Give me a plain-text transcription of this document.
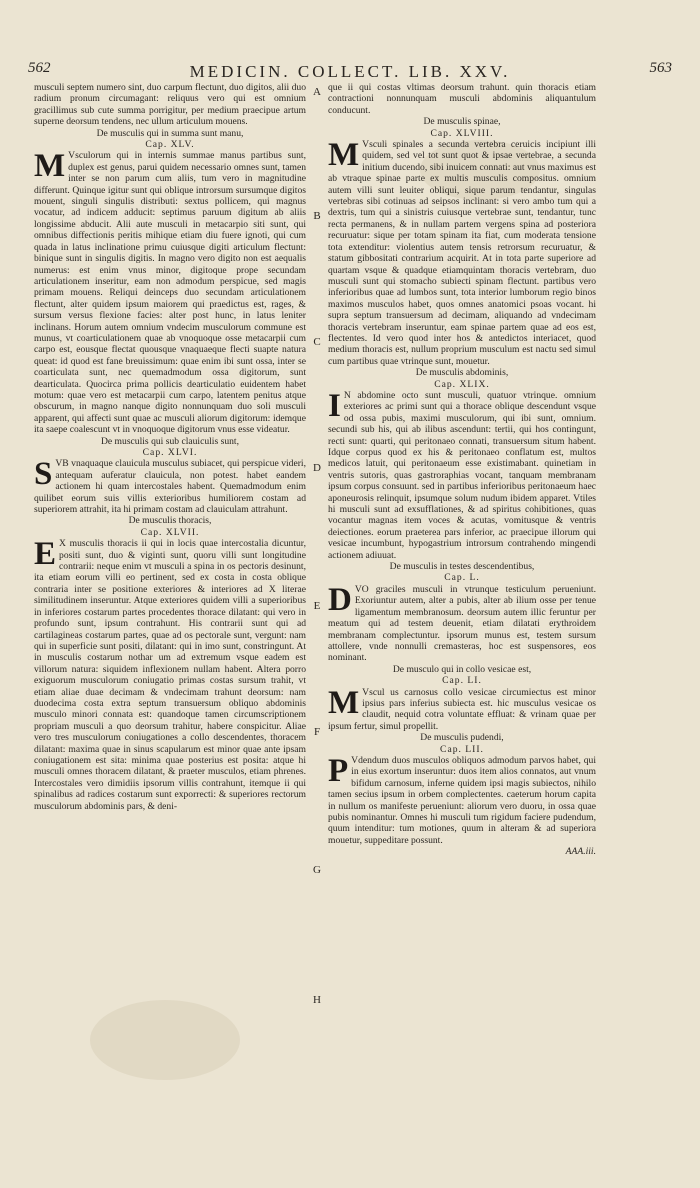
562	MEDICIN. COLLECT. LIB. XXV.	563

musculi septem numero sint, duo carpum flectunt, duo digitos, alii duo radium pronum circumagant: reliquus vero qui est omnium gracillimus sub cute summa porrigitur, per medium praecipue artum superne deorsum tendens, nec ullum articulum mouens.

De musculis qui in summa sunt manu,

Cap. XLV.

M Vsculorum qui in internis summae manus partibus sunt, duplex est genus, parui quidem necessario omnes sunt, tamen inter se non parum cum aliis, tum vero in magnitudine differunt. Quinque igitur sunt qui oblique introrsum sursumque digitos mouent, singuli singulis distributi: sextus pollicem, qui magnus vocatur, ad indicem adducit: septimus paruum digitum ab aliis longissime abducit. Alii aute musculi in metacarpio siti sunt, qui omnibus diffectionis peritis mihique etiam diu fuere ignoti, qui cum quada in latus inclinatione primu cuiusque digiti articulum flectunt: binique sunt in singulis digitis. In magno vero digito non est aequalis numerus: est enim vnus minor, digitoque prope secundam articulationem inseritur, eam non admodum perspicue, sed magis primam mouens. Reliqui deinceps duo secundam articulationem flectunt, alter quidem ipsum maiorem qui praedictus est, rages, & sursum versus flexione facies: alter post hunc, in latus leniter inclinans. Horum autem omnium vndecim musculorum commune est munus, vt coarticulationem quae ab vnoquoque osse metacarpii cum carpo est, eousque flectat quousque vnaquaeque flecti suapte natura queat: id quod est fane breuissimum: quae enim ibi sunt ossa, inter se coarticulata sunt, nec quemadmodum ossa digitorum, sunt dearticulata. Quocirca prima pollicis dearticulatio euidentem habet motum: quae vero est metacarpii cum carpo, latentem penitus atque obscurum, in magno nanque digito nonnunquam duo soli musculi apparent, qui affecti sunt quae ac musculi aliorum digitorum: idemque ita saepe coalescunt vt in vnoquoque digitorum vnus esse videatur.

De musculis qui sub clauiculis sunt,

Cap. XLVI.

SVB vnaquaque clauicula musculus subiacet, qui perspicue videri, antequam auferatur clauicula, non potest. habet eandem actionem hi quam intercostales habent. Quemadmodum enim quilibet eorum suis villis exterioribus humiliorem costam ad superiorem attrahit, ita hi primam costam ad clauiculam attrahunt.

De musculis thoracis,

Cap. XLVII.

E X musculis thoracis ii qui in locis quae intercostalia dicuntur, positi sunt, duo & viginti sunt, quoru villi sunt longitudine contrarii: neque enim vt musculi a spina in os pectoris desinunt, ita etiam eorum villi eo pertinent, sed ex costa in costa oblique contraria inter se positione exteriores & interiores ad X literae similitudinem inseruntur. Atque exteriores quidem villi a superioribus in inferiores costarum partes procedentes thorace dilatant: qui vero in profundo sunt, ipsum contrahunt. His contrarii sunt qui ad cartilagineas costarum partes, quae ad os pectorale sunt, vergunt: nam qui in superficie sunt positi, dilatant: qui in imo sunt, constringunt. At in musculis costarum nothar um ad extremum vsque eadem est villorum natura: siquidem inflexionem nullam habent. Altera porro exiguorum musculorum coniugatio primas costas sursum trahit, vt etiam aliae duae decimam & vndecimam trahunt deorsum: nam duodecima costa extra septum transuersum obliquo abdominis musculo minori connata est: quandoque tamen circumscriptionem propriam musculi a quo deorsum trahitur, habere conspicitur. Aliae vero tres musculorum coniugationes a collo descendentes, thoracem dilatant: maxima quae in sinus scapularum est minor quae ante ipsam coniugationem est sita: minima quae posterius est posita: atque hi musculi omnes thoracem dilatant, & praeter musculos, etiam phrenes. Intercostales vero dimidiis ipsorum villis contrahunt, itemque ii qui spinalibus ad radices costarum sunt exporrecti: & superiores rectorum musculorum abdominis pars, & deni-

A
B
C
D
E
F
G
H

que ii qui costas vltimas deorsum trahunt. quin thoracis etiam contractioni nonnunquam musculi abdominis aliquantulum conducunt.

De musculis spinae,

Cap. XLVIII.

M Vsculi spinales a secunda vertebra ceruicis incipiunt illi quidem, sed vel tot sunt quot & ipsae vertebrae, a secunda initium ducendo, sibi inuicem connati: aut vnus maximus est ab vtraque spinae parte ex multis musculis compositus. omnium autem villi sunt leuiter obliqui, sique parum tendantur, singulas vertebras sibi cotinuas ad seipsos inclinant: si vero ambo tum qui a dextris, tum qui a sinistris cuiusque vertebrae sunt, tendantur, tunc recta permanens, & in nullam partem vergens spina ad posteriora recuruatur: sique per totam spinam ita fiat, cum moderata tensione tota extenditur: violentius autem tensis retrorsum recuruatur, & statum gibbositati contrarium acquirit. At in tota parte superiore ad quartam vsque & quadque etiamquintam thoracis vertebram, duo musculi sunt qui stomacho subiecti spinam flectunt. partibus vero inferioribus quae ad lumbos sunt, tota interior lumborum regio binos maximos musculos habet, quos omnes anatomici psoas vocant. hi supra septum transuersum ad decimam, aliquando ad vndecimam thoracis vertebram inseruntur, eam spinae partem quae ad eos est, flectentes. Id vero quod inter hos & antedictos interiacet, quod medium thoracis est, nullum proprium musculum est nactu sed simul cum partibus quae vtrinque sunt, mouetur.

De musculis abdominis,

Cap. XLIX.

I N abdomine octo sunt musculi, quatuor vtrinque. omnium exteriores ac primi sunt qui a thorace oblique descendunt vsque od ossa pubis, maximi musculorum, qui ibi sunt, omnium. secundi sub his, qui ab ilibus ascendunt: tertii, qui hos contingunt, recti sunt: quarti, qui peritonaeo connati, transuersum situm habent. Idque corpus quod ex his & peritonaeo conflatum est, multos medicos latuit, qui peritonaeum esse existimabant. quinetiam in ventris sutoris, quas gastroraphias vocant, tanquam membranam ipsum corpus consuunt. sed in partibus inferioribus peritonaeum haec aponeurosis relinquit, ipsumque solum nudum ibidem apparet. Vtiles hi musculi sunt ad exsufflationes, & ad spiritus cohibitiones, quas vocantur magnas item voces & acutas, vomitusque & ventris deiectiones. eorum praeterea pars inferior, ac praecipue illorum qui vesicae incumbunt, hypogastrium introrsum contrahendo mingendi actionem adiuuat.

De musculis in testes descendentibus,

Cap. L.

DVO graciles musculi in vtrunque testiculum perueniunt. Exoriuntur autem, alter a pubis, alter ab ilium osse per tenue ligamentum membranosum. deorsum autem illic feruntur per meatum qui ad testem deuenit, etiam dilatati erythroidem membranam complectuntur. ipsorum munus est, testem sursum attollere, vnde nonnulli cremasteras, hoc est suspensores, eos nominant.

De musculo qui in collo vesicae est,

Cap. LI.

M Vscul us carnosus collo vesicae circumiectus est minor ipsius pars inferius subiecta est. hic musculus vesicae os claudit, nequid cotra voluntate effluat: & vrinam quae per ipsum fertur, simul propellit.

De musculis pudendi,

Cap. LII.

P Vdendum duos musculos obliquos admodum parvos habet, qui in eius exortum inseruntur: duos item alios connatos, aut vnum bifidum carnosum, inferne quidem ipsi magis subiectos, nihilo tamen secius ipsum in orbem complectentes. caeterum horum capita in nullum os manifeste perueniunt: aliorum vero duoru, in ossa quae pubis nominantur. Omnes hi musculi tum rigidum faciere pudendum, quum intenditur: tum motiones, quum in alteram & ad superiora mouetur, suppeditare possunt.

AAA.iii.
